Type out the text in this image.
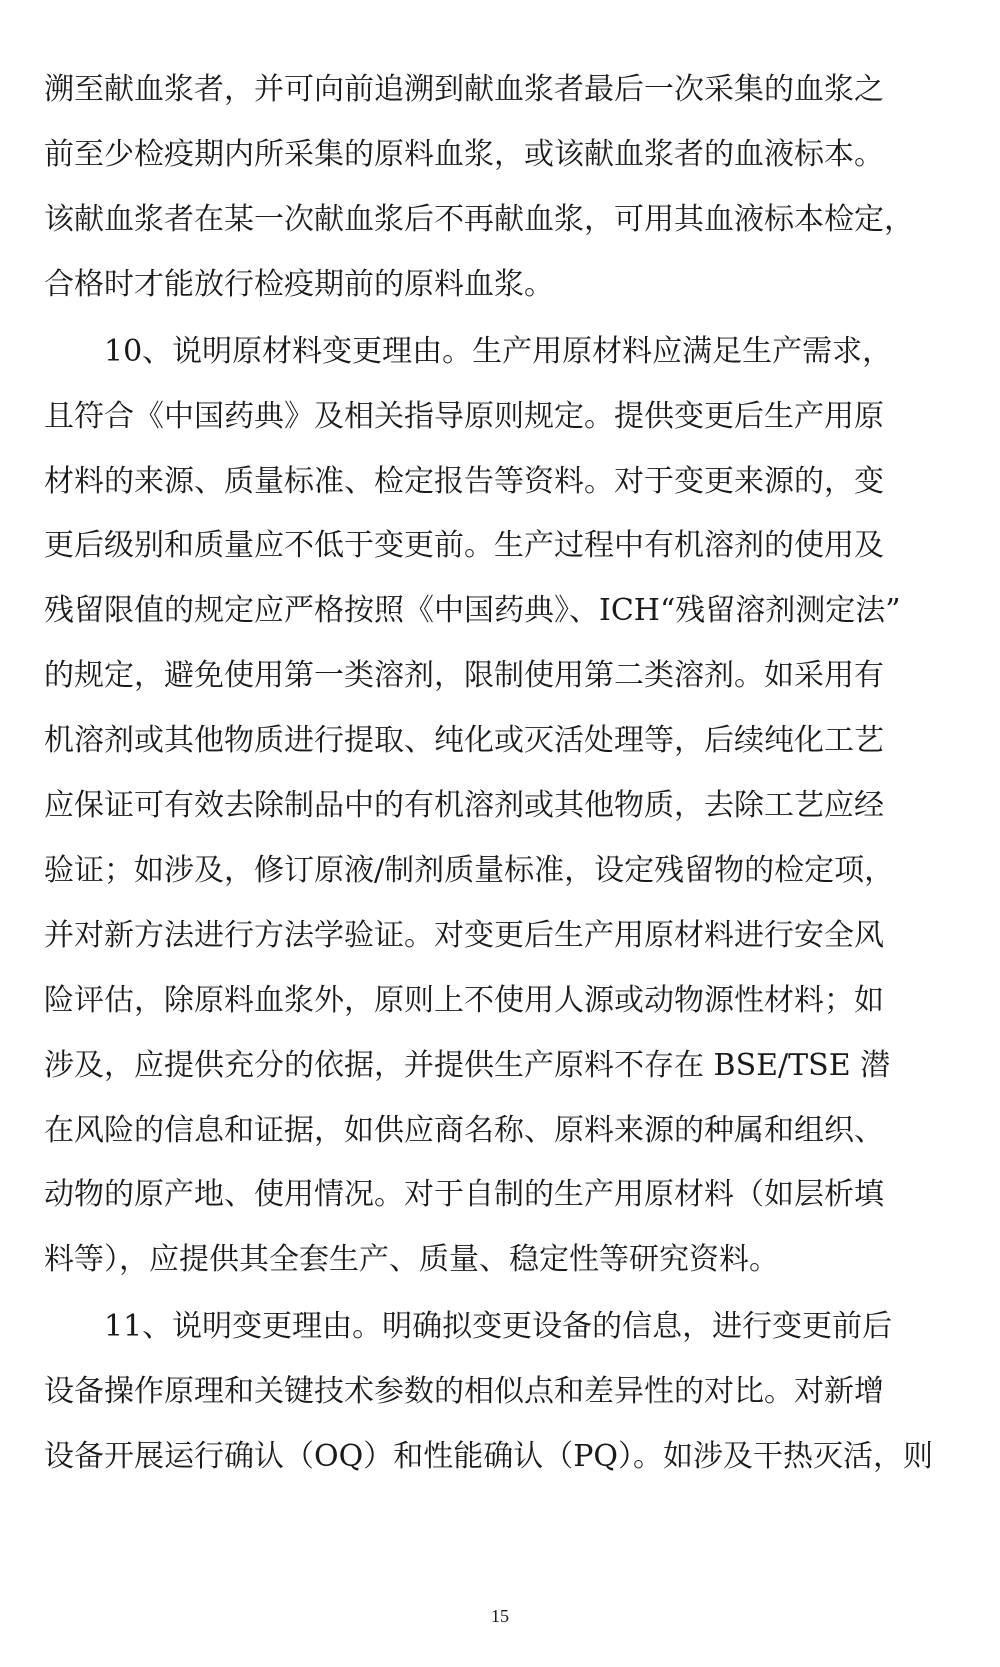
溯至献血浆者，并可向前追溯到献血浆者最后一次采集的血浆之
前至少检疫期内所采集的原料血浆，或该献血浆者的血液标本。
该献血浆者在某一次献血浆后不再献血浆，可用其血液标本检定，
合格时才能放行检疫期前的原料血浆。
10、说明原材料变更理由。生产用原材料应满足生产需求，
且符合《中国药典》及相关指导原则规定。提供变更后生产用原
材料的来源、质量标准、检定报告等资料。对于变更来源的，变
更后级别和质量应不低于变更前。生产过程中有机溶剂的使用及
残留限值的规定应严格按照《中国药典》、ICH“残留溶剂测定法”
的规定，避免使用第一类溶剂，限制使用第二类溶剂。如采用有
机溶剂或其他物质进行提取、纯化或灭活处理等，后续纯化工艺
应保证可有效去除制品中的有机溶剂或其他物质，去除工艺应经
验证；如涉及，修订原液/制剂质量标准，设定残留物的检定项，
并对新方法进行方法学验证。对变更后生产用原材料进行安全风
险评估，除原料血浆外，原则上不使用人源或动物源性材料；如
涉及，应提供充分的依据，并提供生产原料不存在 BSE/TSE 潜
在风险的信息和证据，如供应商名称、原料来源的种属和组织、
动物的原产地、使用情况。对于自制的生产用原材料（如层析填
料等），应提供其全套生产、质量、稳定性等研究资料。
11、说明变更理由。明确拟变更设备的信息，进行变更前后
设备操作原理和关键技术参数的相似点和差异性的对比。对新增
设备开展运行确认（OQ）和性能确认（PQ）。如涉及干热灭活，则
15
